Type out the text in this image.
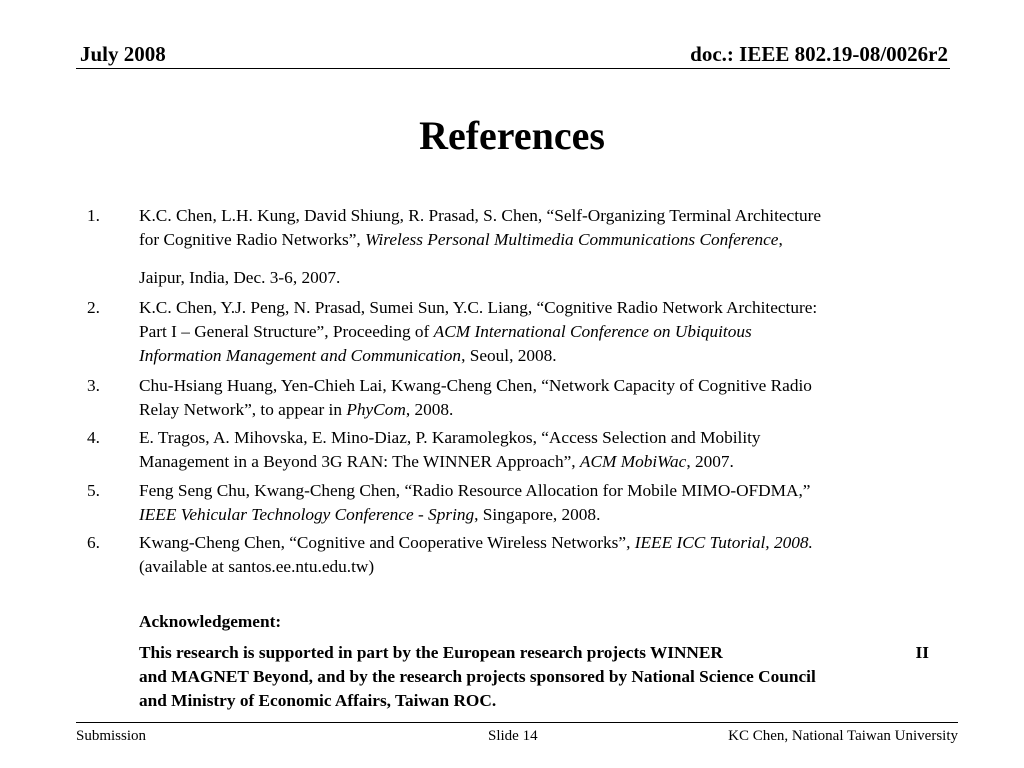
July 2008	doc.: IEEE 802.19-08/0026r2
References
1.	K.C. Chen, L.H. Kung, David Shiung, R. Prasad, S. Chen, “Self-Organizing Terminal Architecture
for Cognitive Radio Networks”, Wireless Personal Multimedia Communications Conference,
Jaipur, India, Dec. 3-6, 2007.
2.	K.C. Chen, Y.J. Peng, N. Prasad, Sumei Sun, Y.C. Liang, “Cognitive Radio Network Architecture:
Part I – General Structure”, Proceeding of ACM International Conference on Ubiquitous
Information Management and Communication, Seoul, 2008.
3.	Chu-Hsiang Huang, Yen-Chieh Lai, Kwang-Cheng Chen, “Network Capacity of Cognitive Radio
Relay Network”, to appear in PhyCom, 2008.
4.	E. Tragos, A. Mihovska, E. Mino-Diaz, P. Karamolegkos, “Access Selection and Mobility
Management in a Beyond 3G RAN: The WINNER Approach”, ACM MobiWac, 2007.
5.	Feng Seng Chu, Kwang-Cheng Chen, “Radio Resource Allocation for Mobile MIMO-OFDMA,”
IEEE Vehicular Technology Conference - Spring, Singapore, 2008.
6.	Kwang-Cheng Chen, “Cognitive and Cooperative Wireless Networks”, IEEE ICC Tutorial, 2008.
(available at santos.ee.ntu.edu.tw)
Acknowledgement:
This research is supported in part by the European research projects WINNER	II
and MAGNET Beyond, and by the research projects sponsored by National Science Council
and Ministry of Economic Affairs, Taiwan ROC.
Submission	Slide 14	KC Chen, National Taiwan University
